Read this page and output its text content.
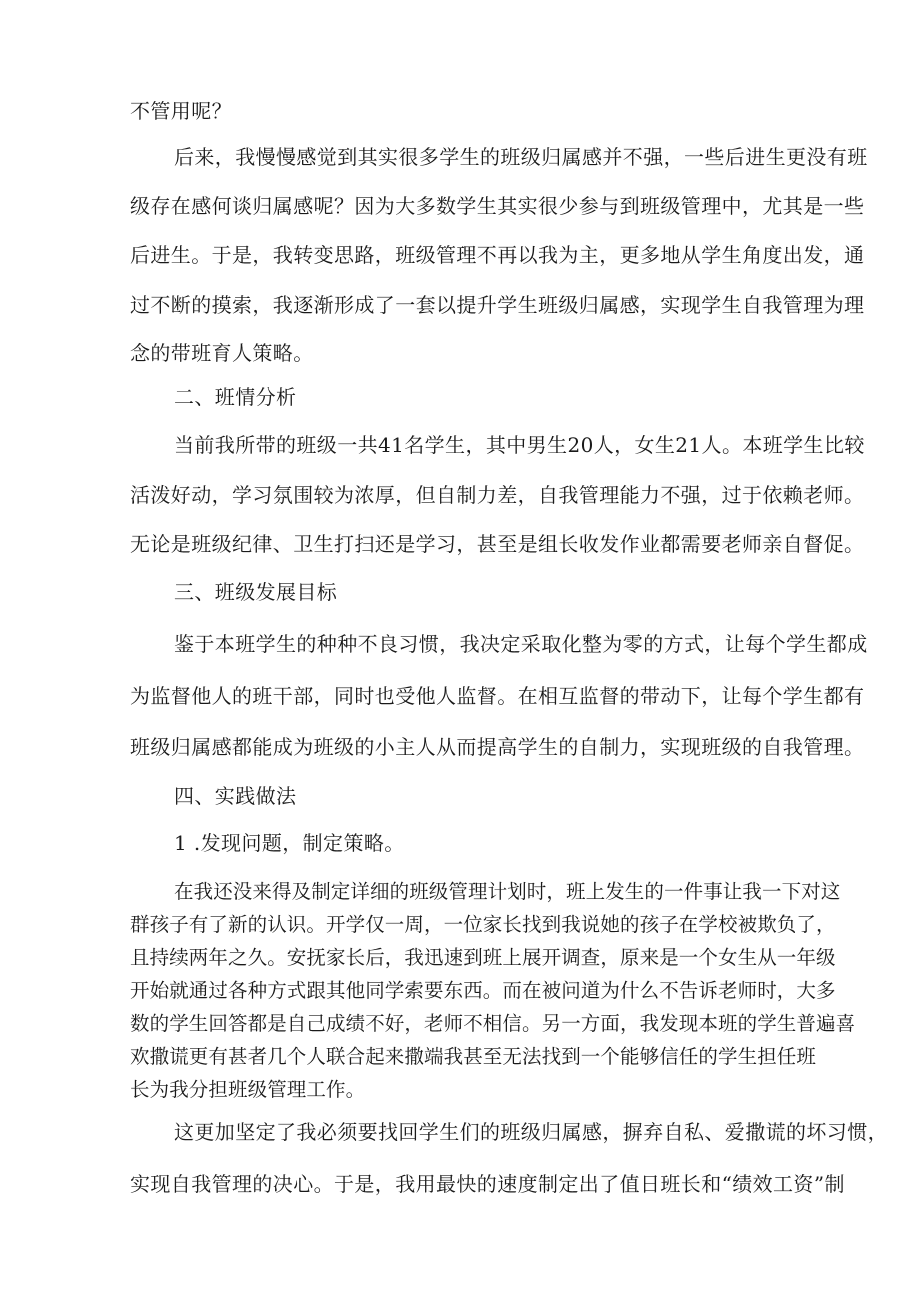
不管用呢？
后来，我慢慢感觉到其实很多学生的班级归属感并不强，一些后进生更没有班
级存在感何谈归属感呢？因为大多数学生其实很少参与到班级管理中，尤其是一些
后进生。于是，我转变思路，班级管理不再以我为主，更多地从学生角度出发，通
过不断的摸索，我逐渐形成了一套以提升学生班级归属感，实现学生自我管理为理
念的带班育人策略。
二、班情分析
当前我所带的班级一共41名学生，其中男生20人，女生21人。本班学生比较
活泼好动，学习氛围较为浓厚，但自制力差，自我管理能力不强，过于依赖老师。
无论是班级纪律、卫生打扫还是学习，甚至是组长收发作业都需要老师亲自督促。
三、班级发展目标
鉴于本班学生的种种不良习惯，我决定采取化整为零的方式，让每个学生都成
为监督他人的班干部，同时也受他人监督。在相互监督的带动下，让每个学生都有
班级归属感都能成为班级的小主人从而提高学生的自制力，实现班级的自我管理。
四、实践做法
1 .发现问题，制定策略。
在我还没来得及制定详细的班级管理计划时，班上发生的一件事让我一下对这
群孩子有了新的认识。开学仅一周，一位家长找到我说她的孩子在学校被欺负了，
且持续两年之久。安抚家长后，我迅速到班上展开调查，原来是一个女生从一年级
开始就通过各种方式跟其他同学索要东西。而在被问道为什么不告诉老师时，大多
数的学生回答都是自己成绩不好，老师不相信。另一方面，我发现本班的学生普遍喜
欢撒谎更有甚者几个人联合起来撒端我甚至无法找到一个能够信任的学生担任班
长为我分担班级管理工作。
这更加坚定了我必须要找回学生们的班级归属感，摒弃自私、爱撒谎的坏习惯，
实现自我管理的决心。于是，我用最快的速度制定出了值日班长和“绩效工资”制
